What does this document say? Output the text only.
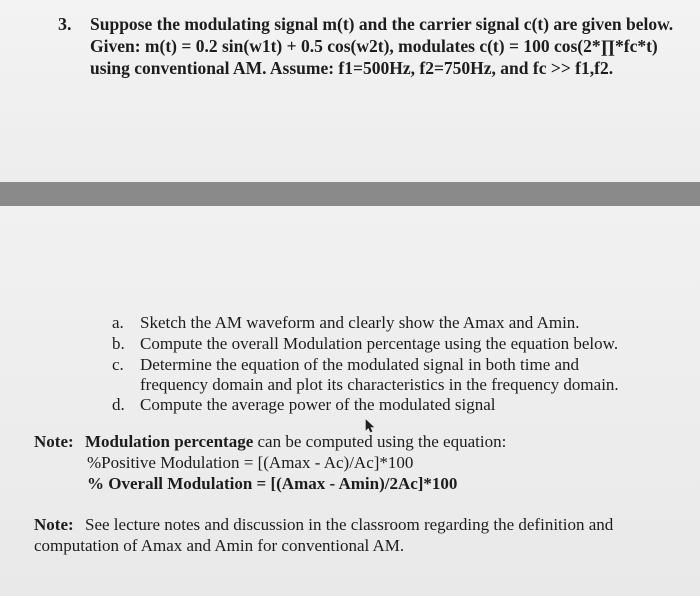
3. Suppose the modulating signal m(t) and the carrier signal c(t) are given below.
Given: m(t) = 0.2 sin(w1t) + 0.5 cos(w2t), modulates c(t) = 100 cos(2*∏*fc*t)
using conventional AM. Assume: f1=500Hz, f2=750Hz, and fc >> f1,f2.
a. Sketch the AM waveform and clearly show the Amax and Amin.
b. Compute the overall Modulation percentage using the equation below.
c. Determine the equation of the modulated signal in both time and
frequency domain and plot its characteristics in the frequency domain.
d. Compute the average power of the modulated signal
Note: Modulation percentage can be computed using the equation:
%Positive Modulation = [(Amax - Ac)/Ac]*100
% Overall Modulation = [(Amax - Amin)/2Ac]*100
Note: See lecture notes and discussion in the classroom regarding the definition and
computation of Amax and Amin for conventional AM.
